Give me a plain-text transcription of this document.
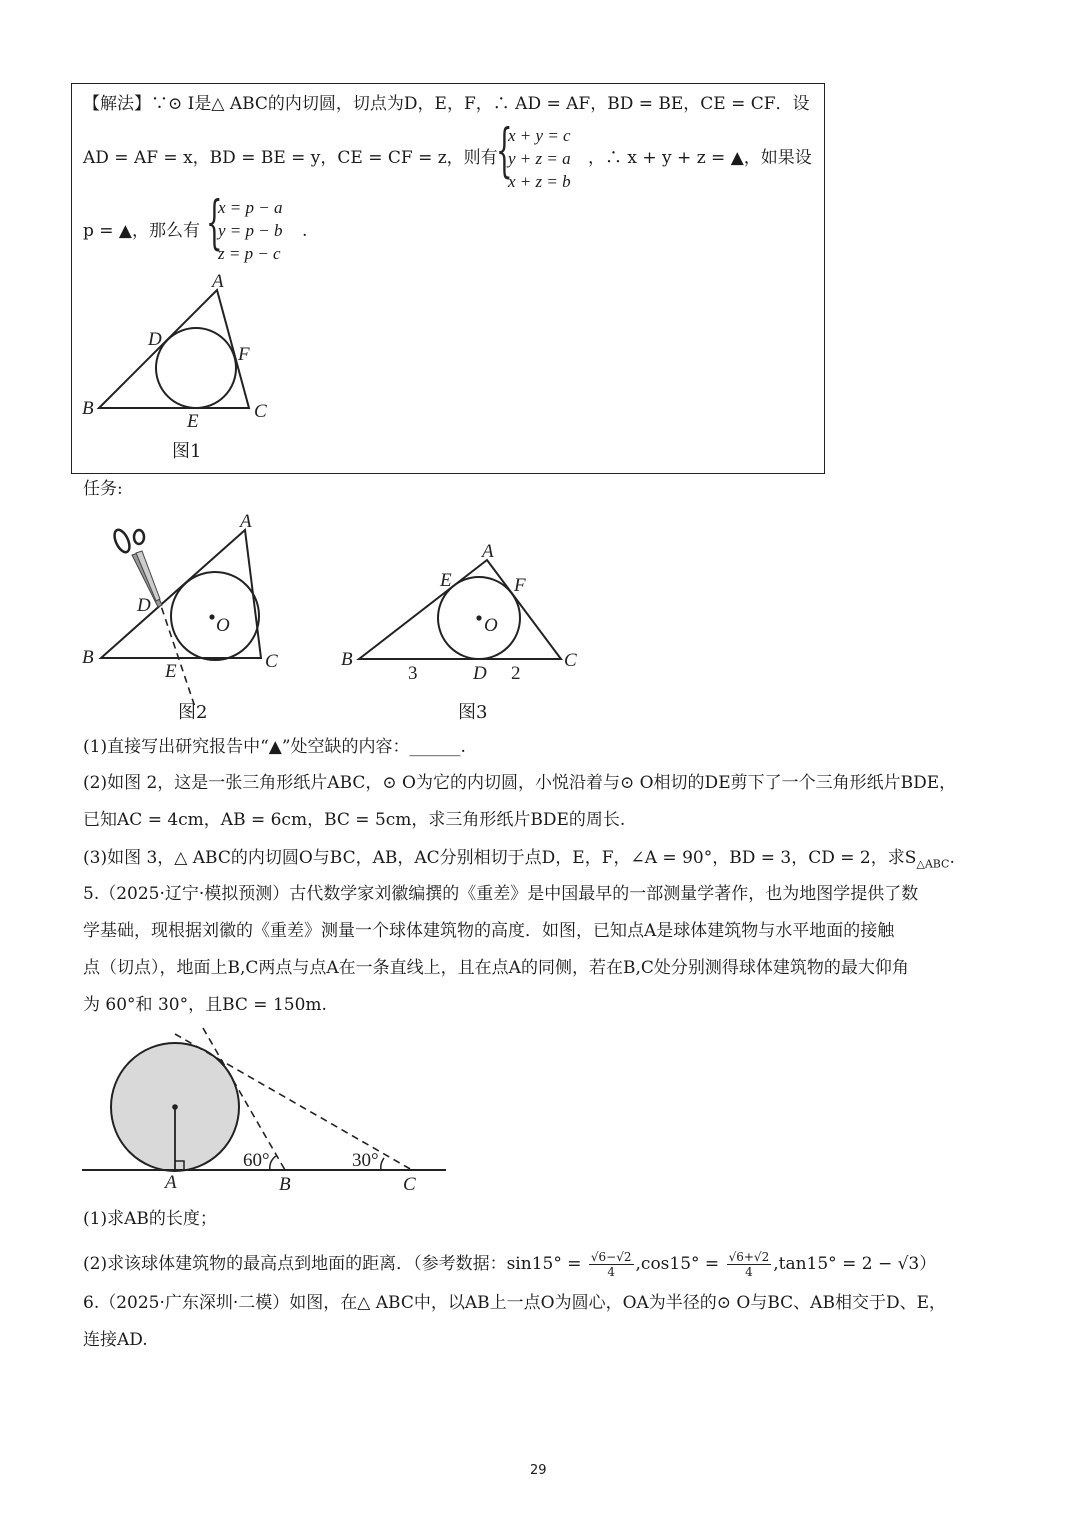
【解法】∵⊙ I是△ ABC的内切圆，切点为D，E，F，∴ AD = AF，BD = BE，CE = CF．设
AD = AF = x，BD = BE = y，CE = CF = z，则有
{
x + y = c
y + z = a
x + z = b
，∴ x + y + z = ▲，如果设
p = ▲，那么有 {
x = p − a
y = p − b
z = p − c
.
A
B	C
D
E
F
图1
任务:
A
B	C
D
E
O
图2
A
B	C
D
E	F
O
3	2
图3
(1)直接写出研究报告中“▲”处空缺的内容：______.
(2)如图 2，这是一张三角形纸片ABC，⊙ O为它的内切圆，小悦沿着与⊙ O相切的DE剪下了一个三角形纸片BDE，
已知AC = 4cm，AB = 6cm，BC = 5cm，求三角形纸片BDE的周长.
(3)如图 3，△ ABC的内切圆O与BC，AB，AC分别相切于点D，E，F，∠A = 90°，BD = 3，CD = 2，求$S_{\triangle ABC}$.
5.（2025·辽宁·模拟预测）古代数学家刘徽编撰的《重差》是中国最早的一部测量学著作，也为地图学提供了数
学基础，现根据刘徽的《重差》测量一个球体建筑物的高度．如图，已知点A是球体建筑物与水平地面的接触
点（切点），地面上B,C两点与点A在一条直线上，且在点A的同侧，若在B,C处分别测得球体建筑物的最大仰角
为 60°和 30°，且BC = 150m.
60°	30°
A	B	C
(1)求AB的长度；
(2)求该球体建筑物的最高点到地面的距离．（参考数据：$\sin 15^\circ = \frac{√6-√2}{4} ,\cos 15^\circ = \frac{√6+√2}{4} ,\tan 15^\circ = 2 - √3$）
6.（2025·广东深圳·二模）如图，在△ ABC中，以AB上一点O为圆心，OA为半径的⊙ O与BC、AB相交于D、E，
连接AD.
29
